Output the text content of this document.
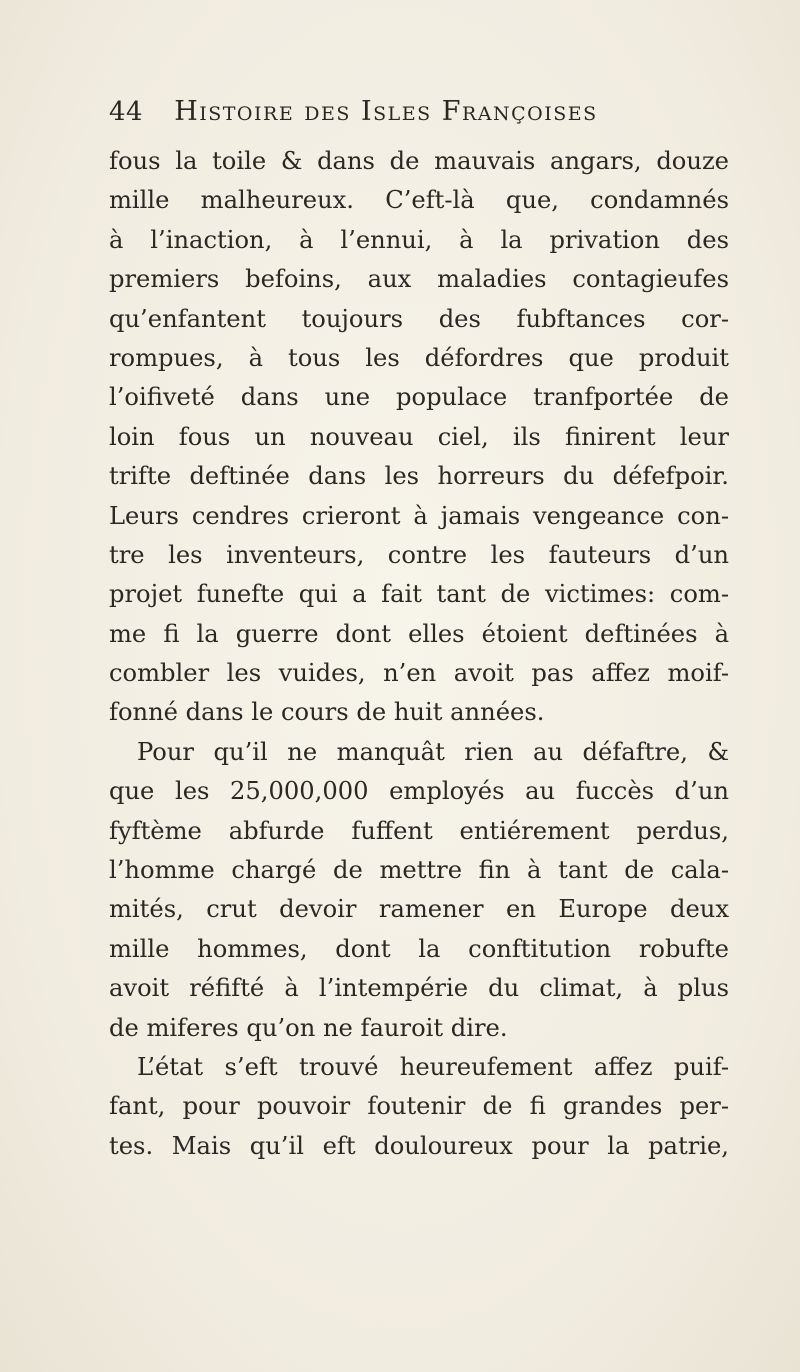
44 Histoire des Isles Françoises
fous la toile & dans de mauvais angars, douze
mille malheureux. C’eft-là que, condamnés
à l’inaction, à l’ennui, à la privation des
premiers befoins, aux maladies contagieufes
qu’enfantent toujours des fubftances cor-
rompues, à tous les défordres que produit
l’oifiveté dans une populace tranfportée de
loin fous un nouveau ciel, ils finirent leur
trifte deftinée dans les horreurs du défefpoir.
Leurs cendres crieront à jamais vengeance con-
tre les inventeurs, contre les fauteurs d’un
projet funefte qui a fait tant de victimes: com-
me fi la guerre dont elles étoient deftinées à
combler les vuides, n’en avoit pas affez moif-
fonné dans le cours de huit années.
Pour qu’il ne manquât rien au défaftre, &
que les 25,000,000 employés au fuccès d’un
fyftème abfurde fuffent entiérement perdus,
l’homme chargé de mettre fin à tant de cala-
mités, crut devoir ramener en Europe deux
mille hommes, dont la conftitution robufte
avoit réfifté à l’intempérie du climat, à plus
de miferes qu’on ne fauroit dire.
L’état s’eft trouvé heureufement affez puif-
fant, pour pouvoir foutenir de fi grandes per-
tes. Mais qu’il eft douloureux pour la patrie,
